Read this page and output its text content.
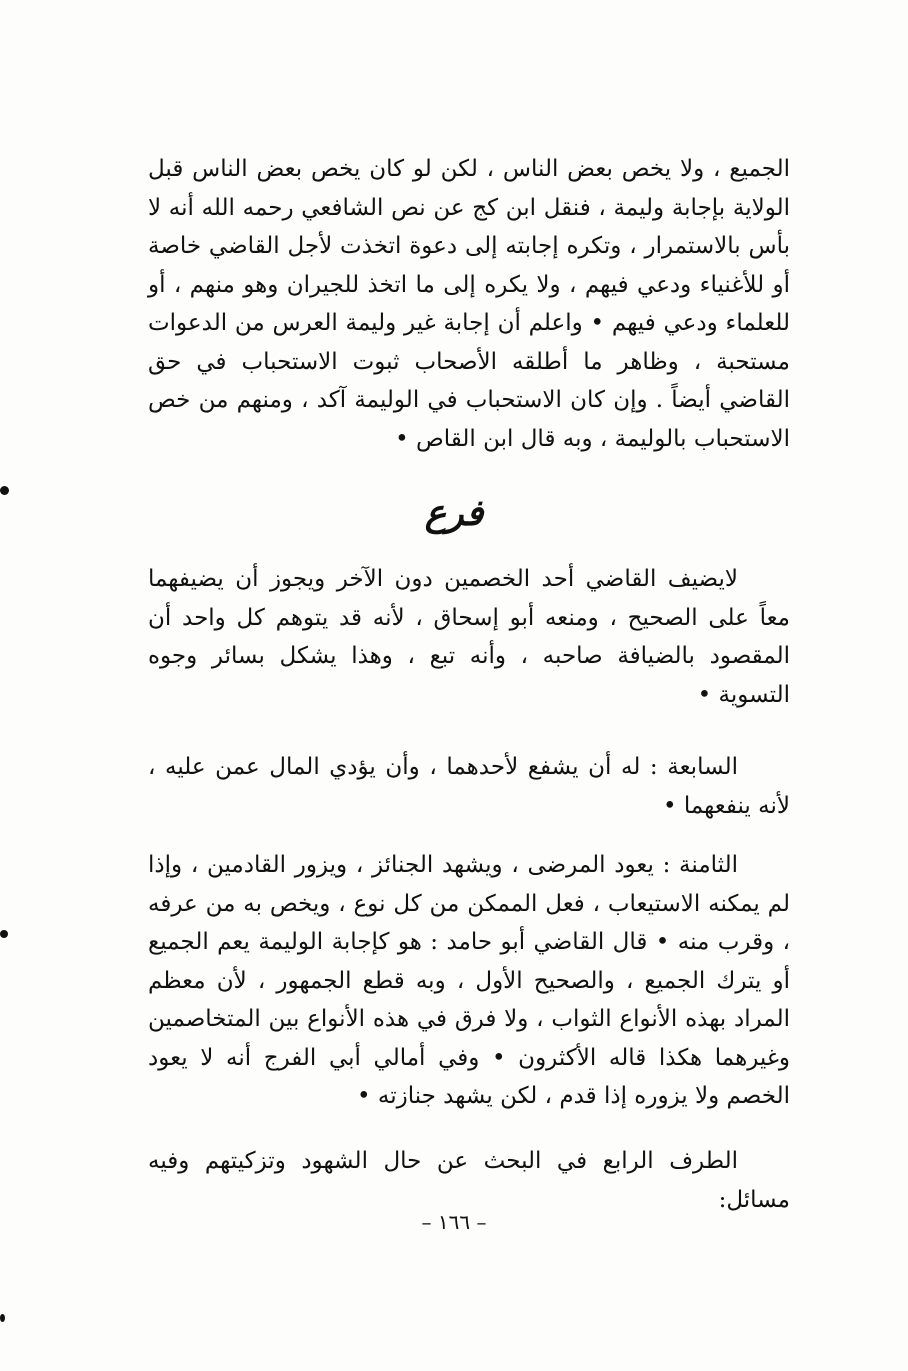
الجميع ، ولا يخص بعض الناس ، لكن لو كان يخص بعض الناس قبل الولاية بإجابة وليمة ، فنقل ابن كج عن نص الشافعي رحمه الله أنه لا بأس بالاستمرار ، وتكره إجابته إلى دعوة اتخذت لأجل القاضي خاصة أو للأغنياء ودعي فيهم ، ولا يكره إلى ما اتخذ للجيران وهو منهم ، أو للعلماء ودعي فيهم • واعلم أن إجابة غير وليمة العرس من الدعوات مستحبة ، وظاهر ما أطلقه الأصحاب ثبوت الاستحباب في حق القاضي أيضاً . وإن كان الاستحباب في الوليمة آكد ، ومنهم من خص الاستحباب بالوليمة ، وبه قال ابن القاص •

فرع

لايضيف القاضي أحد الخصمين دون الآخر ويجوز أن يضيفهما معاً على الصحيح ، ومنعه أبو إسحاق ، لأنه قد يتوهم كل واحد أن المقصود بالضيافة صاحبه ، وأنه تبع ، وهذا يشكل بسائر وجوه التسوية •

السابعة : له أن يشفع لأحدهما ، وأن يؤدي المال عمن عليه ، لأنه ينفعهما •

الثامنة : يعود المرضى ، ويشهد الجنائز ، ويزور القادمين ، وإذا لم يمكنه الاستيعاب ، فعل الممكن من كل نوع ، ويخص به من عرفه ، وقرب منه • قال القاضي أبو حامد : هو كإجابة الوليمة يعم الجميع أو يترك الجميع ، والصحيح الأول ، وبه قطع الجمهور ، لأن معظم المراد بهذه الأنواع الثواب ، ولا فرق في هذه الأنواع بين المتخاصمين وغيرهما هكذا قاله الأكثرون • وفي أمالي أبي الفرج أنه لا يعود الخصم ولا يزوره إذا قدم ، لكن يشهد جنازته •

الطرف الرابع في البحث عن حال الشهود وتزكيتهم وفيه مسائل:

– ١٦٦ –
